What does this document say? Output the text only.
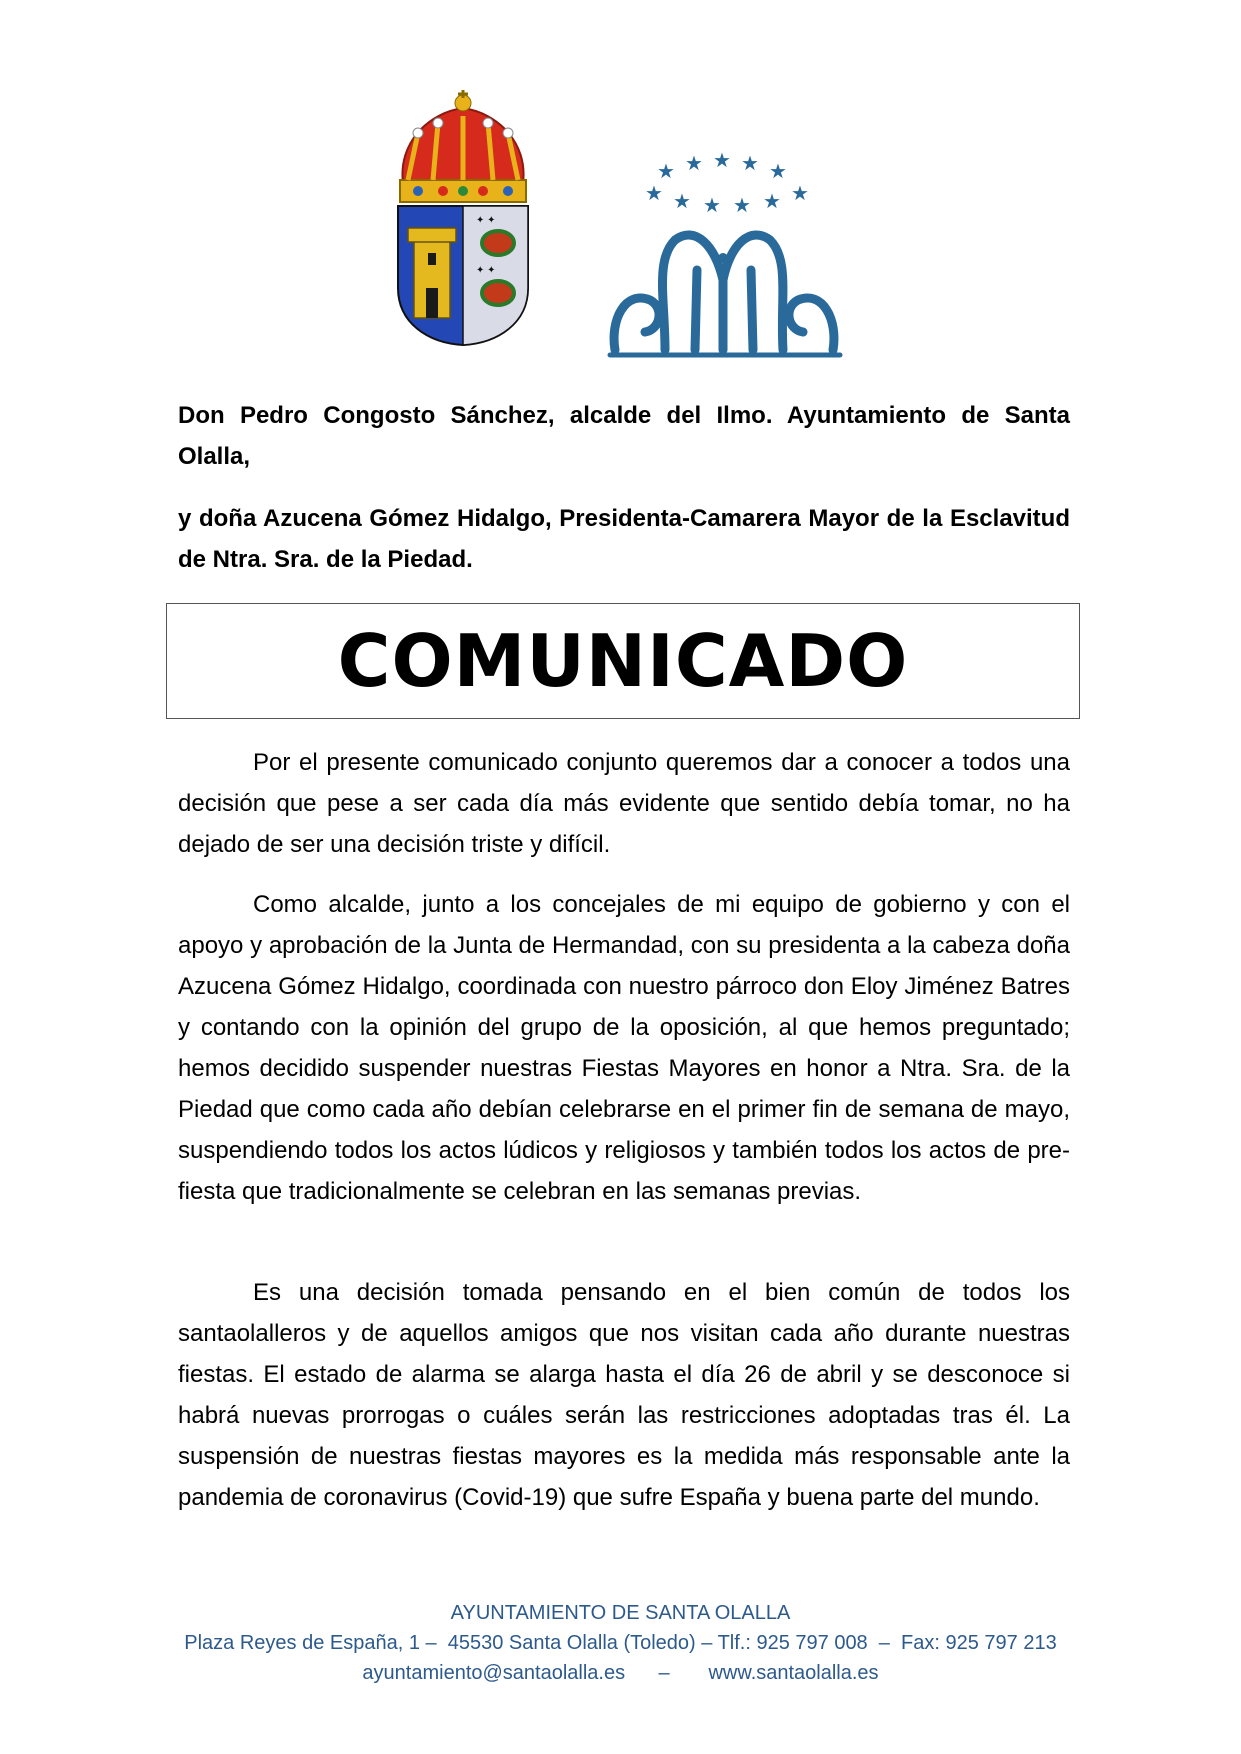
✦ ✦
✦ ✦
★ ★ ★ ★ ★
★ ★ ★ ★ ★ ★
Don Pedro Congosto Sánchez, alcalde del Ilmo. Ayuntamiento de Santa Olalla,
y doña Azucena Gómez Hidalgo, Presidenta-Camarera Mayor de la Esclavitud de Ntra. Sra. de la Piedad.
COMUNICADO

Por el presente comunicado conjunto queremos dar a conocer a todos una decisión que pese a ser cada día más evidente que sentido debía tomar, no ha dejado de ser una decisión triste y difícil.

Como alcalde, junto a los concejales de mi equipo de gobierno y con el apoyo y aprobación de la Junta de Hermandad, con su presidenta a la cabeza doña Azucena Gómez Hidalgo, coordinada con nuestro párroco don Eloy Jiménez Batres y contando con la opinión del grupo de la oposición, al que hemos preguntado; hemos decidido suspender nuestras Fiestas Mayores en honor a Ntra. Sra. de la Piedad que como cada año debían celebrarse en el primer fin de semana de mayo, suspendiendo todos los actos lúdicos y religiosos y también todos los actos de pre-fiesta que tradicionalmente se celebran en las semanas previas.

Es una decisión tomada pensando en el bien común de todos los santaolalleros y de aquellos amigos que nos visitan cada año durante nuestras fiestas. El estado de alarma se alarga hasta el día 26 de abril y se desconoce si habrá nuevas prorrogas o cuáles serán las restricciones adoptadas tras él. La suspensión de nuestras fiestas mayores es la medida más responsable ante la pandemia de coronavirus (Covid-19) que sufre España y buena parte del mundo.

AYUNTAMIENTO DE SANTA OLALLA
Plaza Reyes de España, 1 –  45530 Santa Olalla (Toledo) – Tlf.: 925 797 008  –  Fax: 925 797 213
ayuntamiento@santaolalla.es      –       www.santaolalla.es
